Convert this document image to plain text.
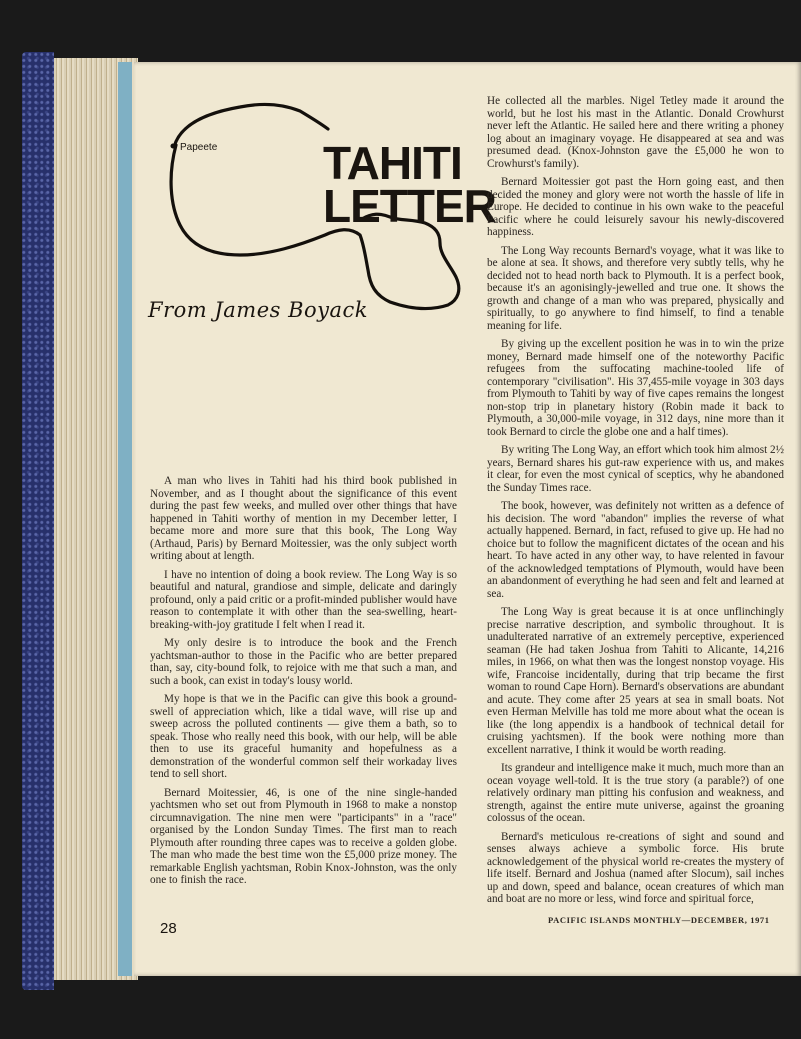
Papeete TAHITI
LETTER
From James Boyack

A man who lives in Tahiti had his third book published in November, and as I thought about the significance of this event during the past few weeks, and mulled over other things that have happened in Tahiti worthy of mention in my December letter, I became more and more sure that this book, The Long Way (Arthaud, Paris) by Bernard Moitessier, was the only subject worth writing about at length.

I have no intention of doing a book review. The Long Way is so beautiful and natural, grandiose and simple, delicate and daringly profound, only a paid critic or a profit-minded publisher would have reason to contemplate it with other than the sea-swelling, heart-breaking-with-joy gratitude I felt when I read it.

My only desire is to introduce the book and the French yachtsman-author to those in the Pacific who are better prepared than, say, city-bound folk, to rejoice with me that such a man, and such a book, can exist in today's lousy world.

My hope is that we in the Pacific can give this book a ground-swell of appreciation which, like a tidal wave, will rise up and sweep across the polluted continents — give them a bath, so to speak. Those who really need this book, with our help, will be able then to use its graceful humanity and hopefulness as a demonstration of the wonderful common self their workaday lives tend to sell short.

Bernard Moitessier, 46, is one of the nine single-handed yachtsmen who set out from Plymouth in 1968 to make a nonstop circumnavigation. The nine men were "participants" in a "race" organised by the London Sunday Times. The first man to reach Plymouth after rounding three capes was to receive a golden globe. The man who made the best time won the £5,000 prize money. The remarkable English yachtsman, Robin Knox-Johnston, was the only one to finish the race.

He collected all the marbles. Nigel Tetley made it around the world, but he lost his mast in the Atlantic. Donald Crowhurst never left the Atlantic. He sailed here and there writing a phoney log about an imaginary voyage. He disappeared at sea and was presumed dead. (Knox-Johnston gave the £5,000 he won to Crowhurst's family).

Bernard Moitessier got past the Horn going east, and then decided the money and glory were not worth the hassle of life in Europe. He decided to continue in his own wake to the peaceful Pacific where he could leisurely savour his newly-discovered happiness.

The Long Way recounts Bernard's voyage, what it was like to be alone at sea. It shows, and therefore very subtly tells, why he decided not to head north back to Plymouth. It is a perfect book, because it's an agonisingly-jewelled and true one. It shows the growth and change of a man who was prepared, physically and spiritually, to go anywhere to find himself, to find a tenable meaning for life.

By giving up the excellent position he was in to win the prize money, Bernard made himself one of the noteworthy Pacific refugees from the suffocating machine-tooled life of contemporary "civilisation". His 37,455-mile voyage in 303 days from Plymouth to Tahiti by way of five capes remains the longest non-stop trip in planetary history (Robin made it back to Plymouth, a 30,000-mile voyage, in 312 days, nine more than it took Bernard to circle the globe one and a half times).

By writing The Long Way, an effort which took him almost 2½ years, Bernard shares his gut-raw experience with us, and makes it clear, for even the most cynical of sceptics, why he abandoned the Sunday Times race.

The book, however, was definitely not written as a defence of his decision. The word "abandon" implies the reverse of what actually happened. Bernard, in fact, refused to give up. He had no choice but to follow the magnificent dictates of the ocean and his heart. To have acted in any other way, to have relented in favour of the acknowledged temptations of Plymouth, would have been an abandonment of everything he had seen and felt and learned at sea.

The Long Way is great because it is at once unflinchingly precise narrative description, and symbolic throughout. It is unadulterated narrative of an extremely perceptive, experienced seaman (He had taken Joshua from Tahiti to Alicante, 14,216 miles, in 1966, on what then was the longest nonstop voyage. His wife, Francoise incidentally, during that trip became the first woman to round Cape Horn). Bernard's observations are abundant and acute. They come after 25 years at sea in small boats. Not even Herman Melville has told me more about what the ocean is like (the long appendix is a handbook of technical detail for cruising yachtsmen). If the book were nothing more than excellent narrative, I think it would be worth reading.

Its grandeur and intelligence make it much, much more than an ocean voyage well-told. It is the true story (a parable?) of one relatively ordinary man pitting his confusion and weakness, and strength, against the entire mute universe, against the groaning colossus of the ocean.

Bernard's meticulous re-creations of sight and sound and senses always achieve a symbolic force. His brute acknowledgement of the physical world re-creates the mystery of life itself. Bernard and Joshua (named after Slocum), sail inches up and down, speed and balance, ocean creatures of which man and boat are no more or less, wind force and spiritual force,

28	PACIFIC ISLANDS MONTHLY—DECEMBER, 1971
